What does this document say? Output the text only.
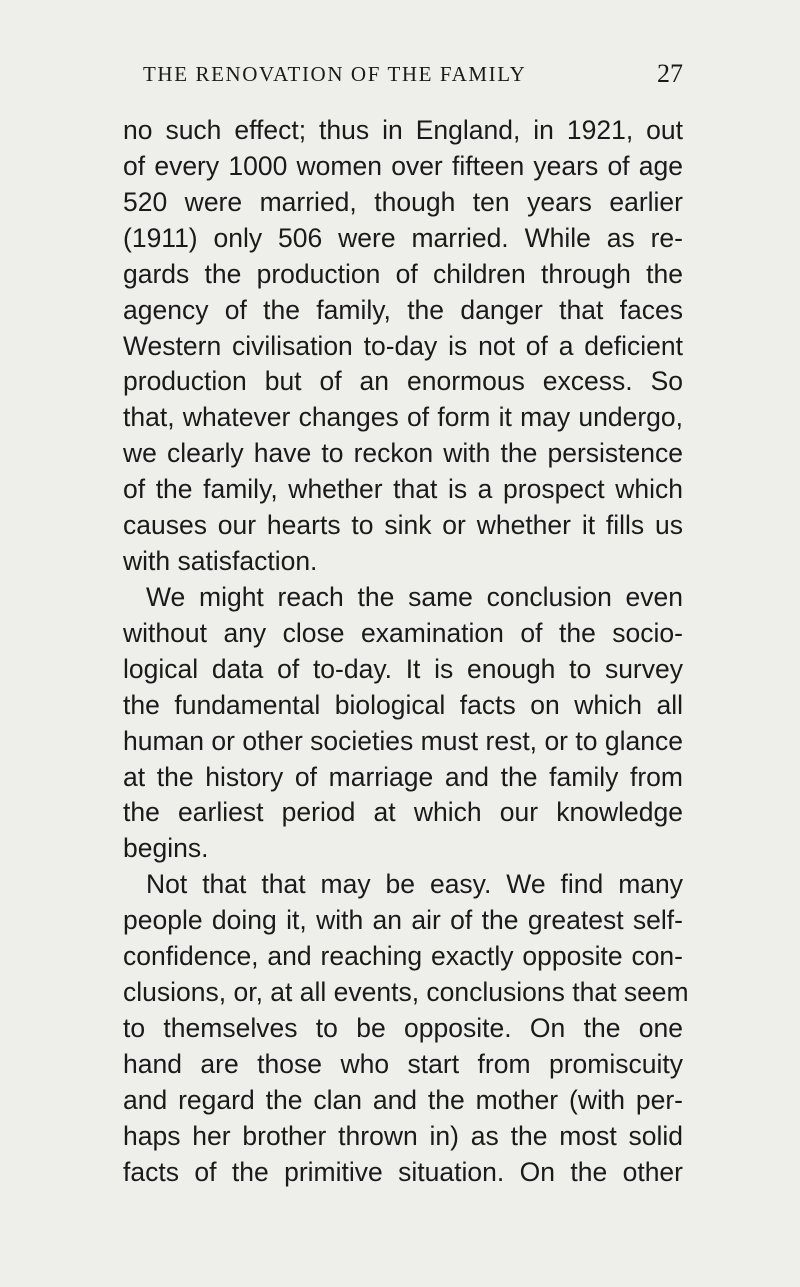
THE RENOVATION OF THE FAMILY	27
no such effect; thus in England, in 1921, out
of every 1000 women over fifteen years of age
520 were married, though ten years earlier
(1911) only 506 were married. While as re-
gards the production of children through the
agency of the family, the danger that faces
Western civilisation to-day is not of a deficient
production but of an enormous excess. So
that, whatever changes of form it may undergo,
we clearly have to reckon with the persistence
of the family, whether that is a prospect which
causes our hearts to sink or whether it fills us
with satisfaction.
We might reach the same conclusion even
without any close examination of the socio-
logical data of to-day. It is enough to survey
the fundamental biological facts on which all
human or other societies must rest, or to glance
at the history of marriage and the family from
the earliest period at which our knowledge
begins.
Not that that may be easy. We find many
people doing it, with an air of the greatest self-
confidence, and reaching exactly opposite con-
clusions, or, at all events, conclusions that seem
to themselves to be opposite. On the one
hand are those who start from promiscuity
and regard the clan and the mother (with per-
haps her brother thrown in) as the most solid
facts of the primitive situation. On the other
